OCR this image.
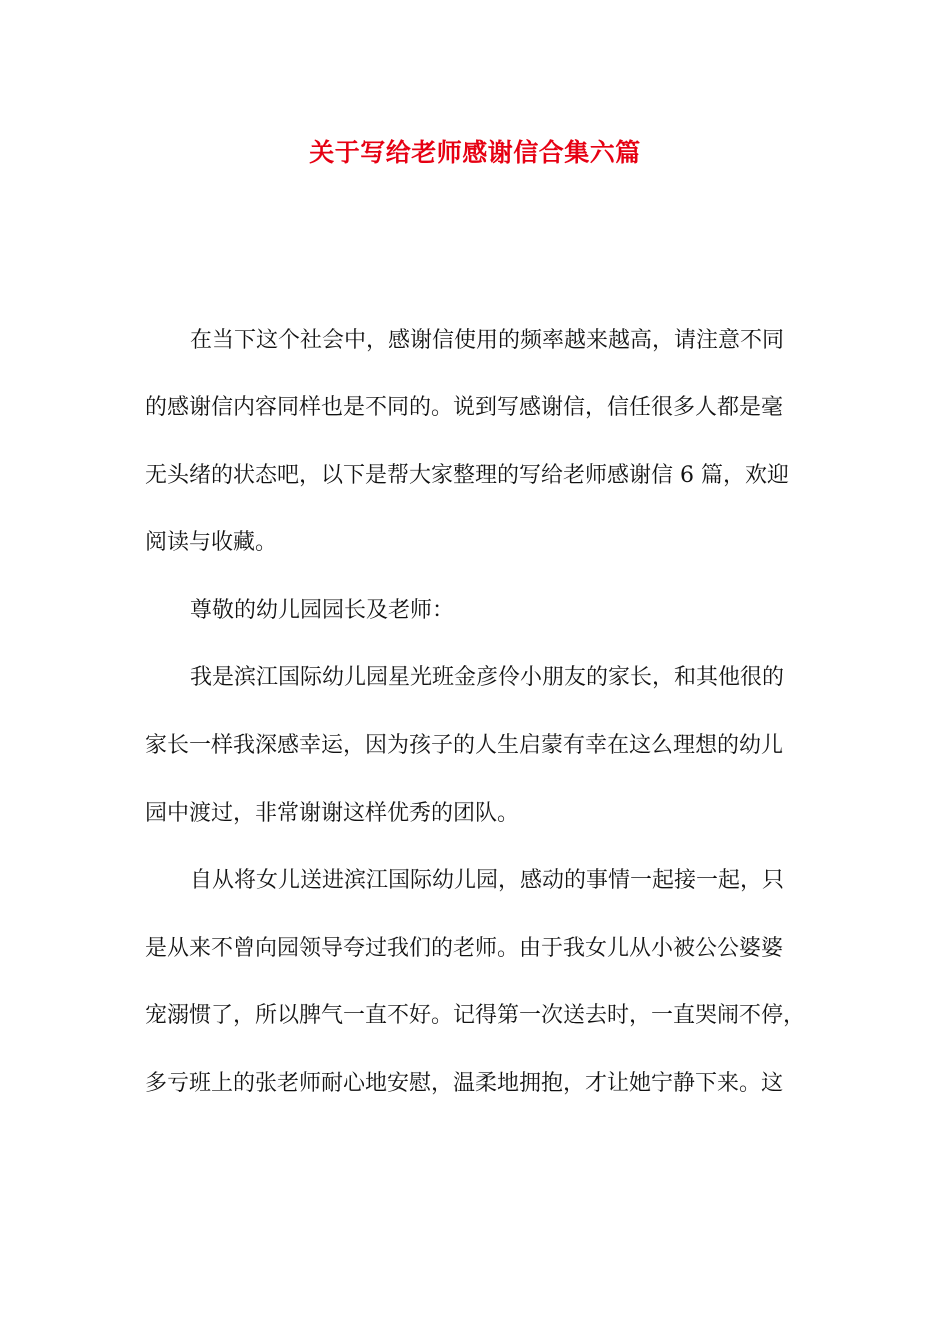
关于写给老师感谢信合集六篇
在当下这个社会中，感谢信使用的频率越来越高，请注意不同
的感谢信内容同样也是不同的。说到写感谢信，信任很多人都是毫
无头绪的状态吧，以下是帮大家整理的写给老师感谢信 6 篇，欢迎
阅读与收藏。
尊敬的幼儿园园长及老师：
我是滨江国际幼儿园星光班金彦伶小朋友的家长，和其他很的
家长一样我深感幸运，因为孩子的人生启蒙有幸在这么理想的幼儿
园中渡过，非常谢谢这样优秀的团队。
自从将女儿送进滨江国际幼儿园，感动的事情一起接一起，只
是从来不曾向园领导夸过我们的老师。由于我女儿从小被公公婆婆
宠溺惯了，所以脾气一直不好。记得第一次送去时，一直哭闹不停，
多亏班上的张老师耐心地安慰，温柔地拥抱，才让她宁静下来。这
